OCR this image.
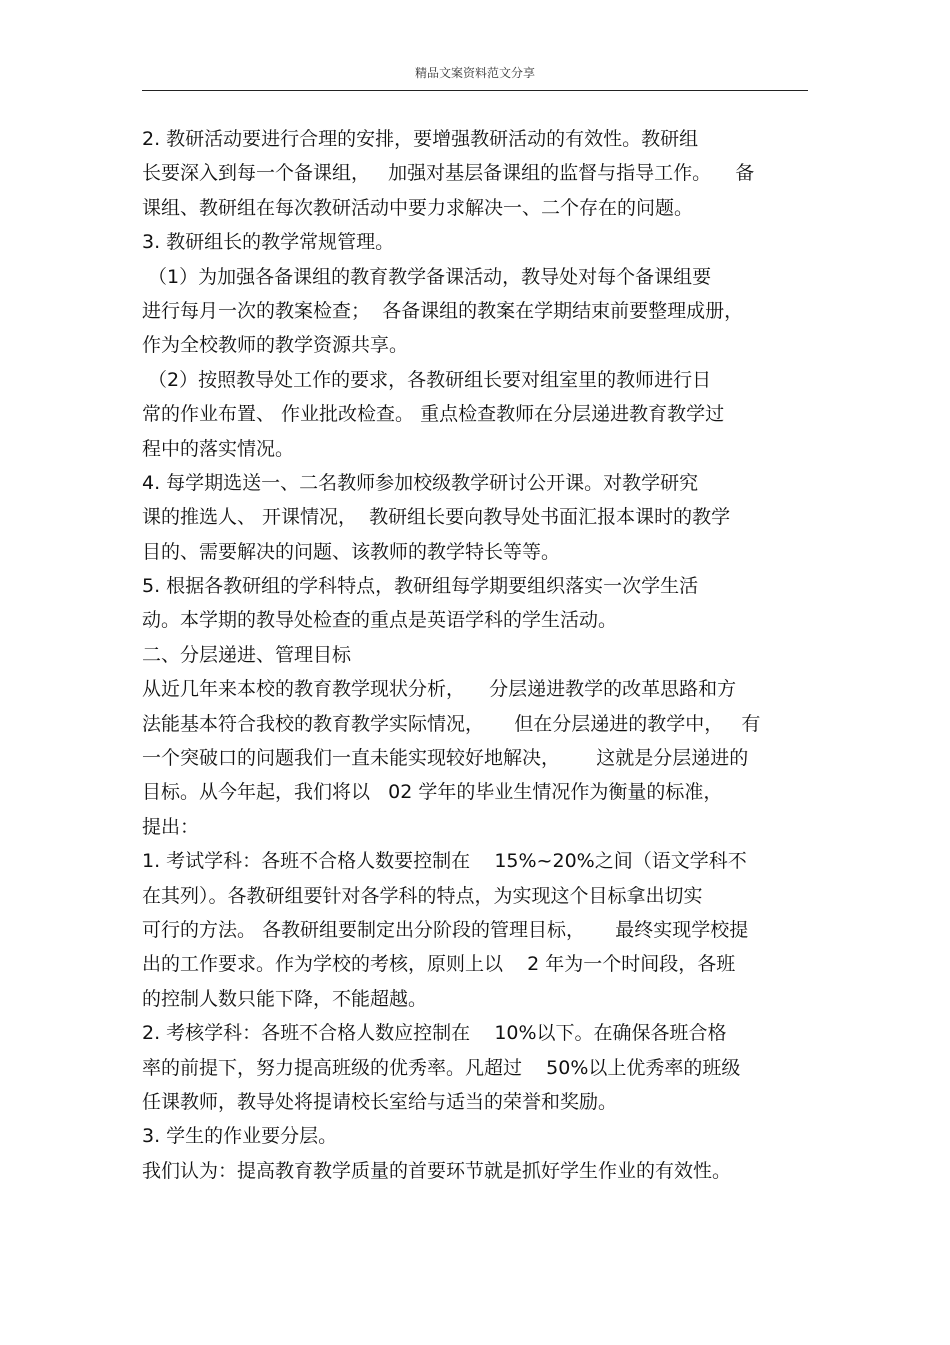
精品文案资料范文分享
2. 教研活动要进行合理的安排，要增强教研活动的有效性。教研组
长要深入到每一个备课组，   加强对基层备课组的监督与指导工作。    备
课组、教研组在每次教研活动中要力求解决一、二个存在的问题。
3. 教研组长的教学常规管理。
（1）为加强各备课组的教育教学备课活动，教导处对每个备课组要
进行每月一次的教案检查；  各备课组的教案在学期结束前要整理成册，
作为全校教师的教学资源共享。
（2）按照教导处工作的要求，各教研组长要对组室里的教师进行日
常的作业布置、 作业批改检查。 重点检查教师在分层递进教育教学过
程中的落实情况。
4. 每学期选送一、二名教师参加校级教学研讨公开课。对教学研究
课的推选人、 开课情况，  教研组长要向教导处书面汇报本课时的教学
目的、需要解决的问题、该教师的教学特长等等。
5. 根据各教研组的学科特点，教研组每学期要组织落实一次学生活
动。本学期的教导处检查的重点是英语学科的学生活动。
二、分层递进、管理目标
从近几年来本校的教育教学现状分析，    分层递进教学的改革思路和方
法能基本符合我校的教育教学实际情况，     但在分层递进的教学中，   有
一个突破口的问题我们一直未能实现较好地解决，      这就是分层递进的
目标。从今年起，我们将以   02 学年的毕业生情况作为衡量的标准，
提出：
1. 考试学科：各班不合格人数要控制在    15%~20%之间（语文学科不
在其列）。各教研组要针对各学科的特点，为实现这个目标拿出切实
可行的方法。 各教研组要制定出分阶段的管理目标，     最终实现学校提
出的工作要求。作为学校的考核，原则上以    2 年为一个时间段，各班
的控制人数只能下降，不能超越。
2. 考核学科：各班不合格人数应控制在    10%以下。在确保各班合格
率的前提下，努力提高班级的优秀率。凡超过    50%以上优秀率的班级
任课教师，教导处将提请校长室给与适当的荣誉和奖励。
3. 学生的作业要分层。
我们认为：提高教育教学质量的首要环节就是抓好学生作业的有效性。
